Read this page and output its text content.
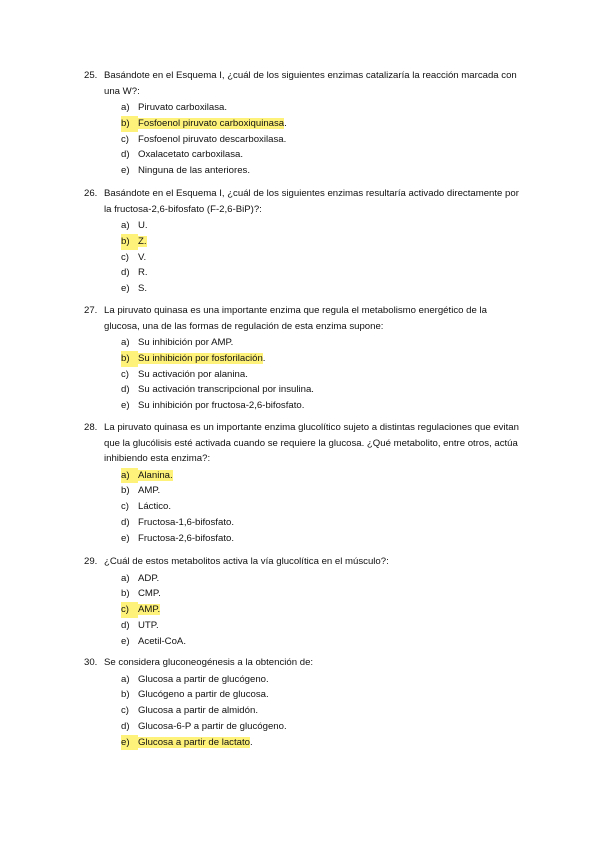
25. Basándote en el Esquema I, ¿cuál de los siguientes enzimas catalizaría la reacción marcada con una W?:
a) Piruvato carboxilasa.
b) Fosfoenol piruvato carboxiquinasa.
c) Fosfoenol piruvato descarboxilasa.
d) Oxalacetato carboxilasa.
e) Ninguna de las anteriores.
26. Basándote en el Esquema I, ¿cuál de los siguientes enzimas resultaría activado directamente por la fructosa-2,6-bifosfato (F-2,6-BiP)?:
a) U.
b) Z.
c) V.
d) R.
e) S.
27. La piruvato quinasa es una importante enzima que regula el metabolismo energético de la glucosa, una de las formas de regulación de esta enzima supone:
a) Su inhibición por AMP.
b) Su inhibición por fosforilación.
c) Su activación por alanina.
d) Su activación transcripcional por insulina.
e) Su inhibición por fructosa-2,6-bifosfato.
28. La piruvato quinasa es un importante enzima glucolítico sujeto a distintas regulaciones que evitan que la glucólisis esté activada cuando se requiere la glucosa. ¿Qué metabolito, entre otros, actúa inhibiendo esta enzima?:
a) Alanina.
b) AMP.
c) Láctico.
d) Fructosa-1,6-bifosfato.
e) Fructosa-2,6-bifosfato.
29. ¿Cuál de estos metabolitos activa la vía glucolítica en el músculo?:
a) ADP.
b) CMP.
c) AMP.
d) UTP.
e) Acetil-CoA.
30. Se considera gluconeogénesis a la obtención de:
a) Glucosa a partir de glucógeno.
b) Glucógeno a partir de glucosa.
c) Glucosa a partir de almidón.
d) Glucosa-6-P a partir de glucógeno.
e) Glucosa a partir de lactato.
